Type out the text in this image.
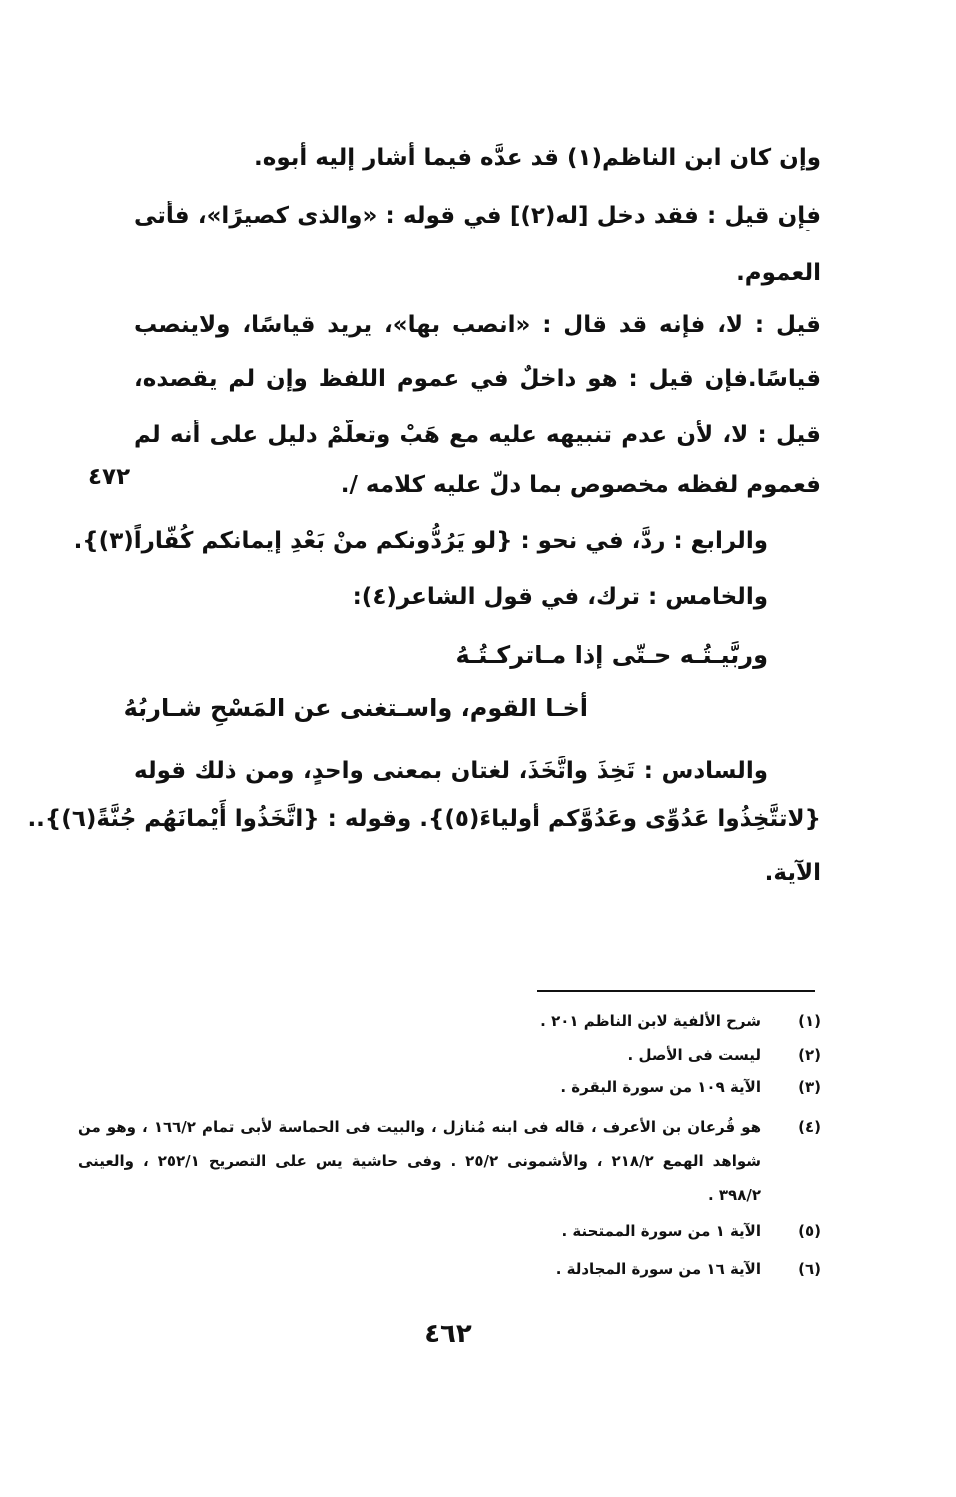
وإن كان ابن الناظم(١) قد عدَّه فيما أشار إليه أبوه.
فإن قيل : فقد دخل [له(٢)] في قوله : «والذى كصيرًا»، فأتى
العموم.
قيل : لا، فإنه قد قال : «انصب بها»، يريد قياسًا، ولاينصب
قياسًا.فإن قيل : هو داخلٌ في عموم اللفظ وإن لم يقصده،
قيل : لا، لأن عدم تنبيهه عليه مع هَبْ وتعلَّمْ دليل على أنه لم
فعموم لفظه مخصوص بما دلّ عليه كلامه /.
٤٧٢
والرابع : ردَّ، في نحو : {لو يَرُدُّونكم منْ بَعْدِ إيمانكم كُفّاراً(٣)}.
والخامس : ترك، في قول الشاعر(٤):
وربَّيـتُـه حـتّى إذا مـاتركـتُـهُ
أخـا القوم، واسـتغنى عن المَسْحِ شـاربُهُ
والسادس : تَخِذَ واتَّخَذَ، لغتان بمعنى واحدٍ، ومن ذلك قوله
{لاتتَّخِذُوا عَدُوِّى وعَدُوَّكم أولياءَ(٥)}. وقوله : {اتَّخَذُوا أَيْمانَهُم جُنَّةً(٦)}..
الآية.
(١)
شرح الألفية لابن الناظم ٢٠١ .
(٢)
ليست فى الأصل .
(٣)
الآية ١٠٩ من سورة البقرة .
(٤)
هو قُرعان بن الأعرف ، قاله فى ابنه مُنازل ، والبيت فى الحماسة لأبى تمام ١٦٦/٢ ، وهو من
شواهد الهمع ٢١٨/٢ ، والأشمونى ٢٥/٢ . وفى حاشية يس على التصريح ٢٥٢/١ ، والعينى
٣٩٨/٢ .
(٥)
الآية ١ من سورة الممتحنة .
(٦)
الآية ١٦ من سورة المجادلة .
٤٦٢
